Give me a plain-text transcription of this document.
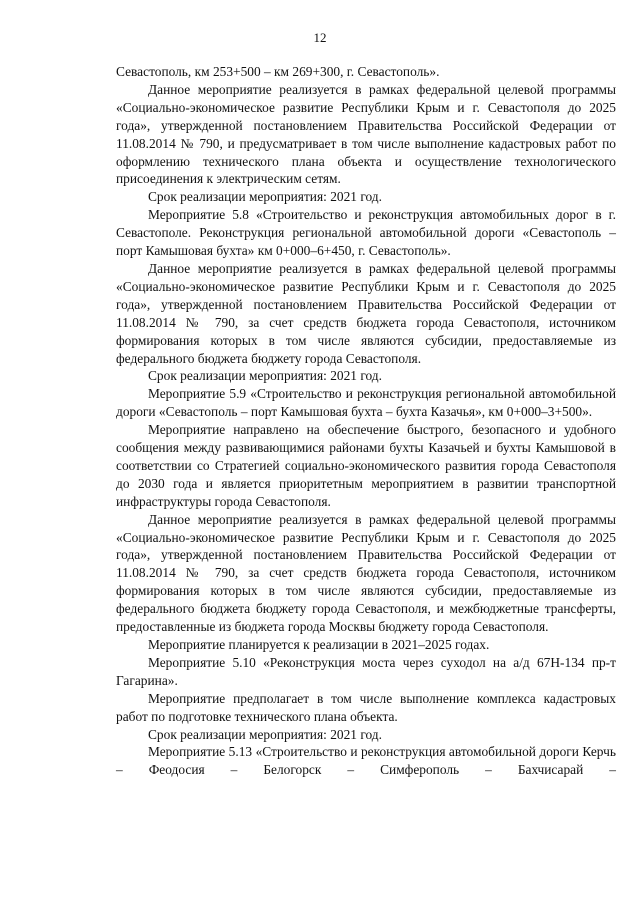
12

Севастополь, км 253+500 – км 269+300, г. Севастополь».

Данное мероприятие реализуется в рамках федеральной целевой программы «Социально-экономическое развитие Республики Крым и г. Севастополя до 2025 года», утвержденной постановлением Правительства Российской Федерации от 11.08.2014 № 790, и предусматривает в том числе выполнение кадастровых работ по оформлению технического плана объекта и осуществление технологического присоединения к электрическим сетям.

Срок реализации мероприятия: 2021 год.

Мероприятие 5.8 «Строительство и реконструкция автомобильных дорог в г. Севастополе. Реконструкция региональной автомобильной дороги «Севастополь – порт Камышовая бухта» км 0+000–6+450, г. Севастополь».

Данное мероприятие реализуется в рамках федеральной целевой программы «Социально-экономическое развитие Республики Крым и г. Севастополя до 2025 года», утвержденной постановлением Правительства Российской Федерации от 11.08.2014 № 790, за счет средств бюджета города Севастополя, источником формирования которых в том числе являются субсидии, предоставляемые из федерального бюджета бюджету города Севастополя.

Срок реализации мероприятия: 2021 год.

Мероприятие 5.9 «Строительство и реконструкция региональной автомобильной дороги «Севастополь – порт Камышовая бухта – бухта Казачья», км 0+000–3+500».

Мероприятие направлено на обеспечение быстрого, безопасного и удобного сообщения между развивающимися районами бухты Казачьей и бухты Камышовой в соответствии со Стратегией социально-экономического развития города Севастополя до 2030 года и является приоритетным мероприятием в развитии транспортной инфраструктуры города Севастополя.

Данное мероприятие реализуется в рамках федеральной целевой программы «Социально-экономическое развитие Республики Крым и г. Севастополя до 2025 года», утвержденной постановлением Правительства Российской Федерации от 11.08.2014 № 790, за счет средств бюджета города Севастополя, источником формирования которых в том числе являются субсидии, предоставляемые из федерального бюджета бюджету города Севастополя, и межбюджетные трансферты, предоставленные из бюджета города Москвы бюджету города Севастополя.

Мероприятие планируется к реализации в 2021–2025 годах.

Мероприятие 5.10 «Реконструкция моста через суходол на а/д 67Н-134 пр-т Гагарина».

Мероприятие предполагает в том числе выполнение комплекса кадастровых работ по подготовке технического плана объекта.

Срок реализации мероприятия: 2021 год.

Мероприятие 5.13 «Строительство и реконструкция автомобильной дороги Керчь – Феодосия – Белогорск – Симферополь – Бахчисарай –
